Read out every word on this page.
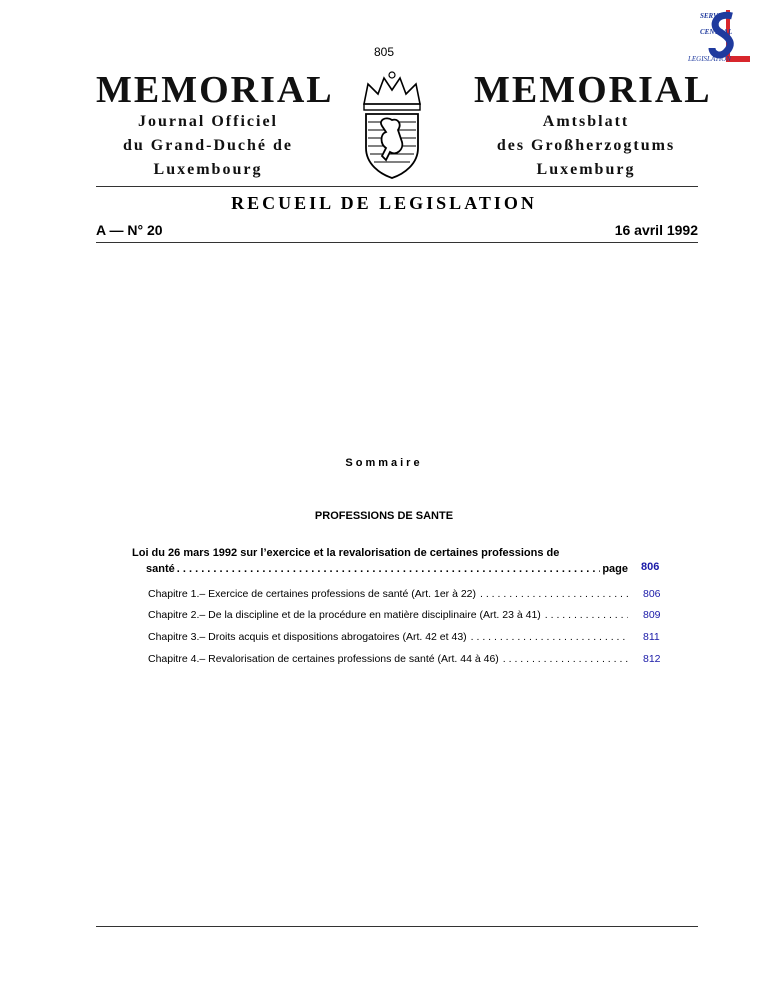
805
SERVICE
CENTRAL
LEGISLATION
MEMORIAL	MEMORIAL
Journal Officiel
du Grand-Duché de
Luxembourg
Amtsblatt
des Großherzogtums
Luxemburg
RECUEIL DE LEGISLATION
A — N° 20	16 avril 1992
Sommaire
PROFESSIONS DE SANTE
Loi du 26 mars 1992 sur l’exercice et la revalorisation de certaines professions de
santé . . .	page 806
Chapitre 1.– Exercice de certaines professions de santé (Art. 1er à 22) . . .	806
Chapitre 2.– De la discipline et de la procédure en matière disciplinaire (Art. 23 à 41) . . .	809
Chapitre 3.– Droits acquis et dispositions abrogatoires (Art. 42 et 43) . . .	811
Chapitre 4.– Revalorisation de certaines professions de santé (Art. 44 à 46) . . .	812
